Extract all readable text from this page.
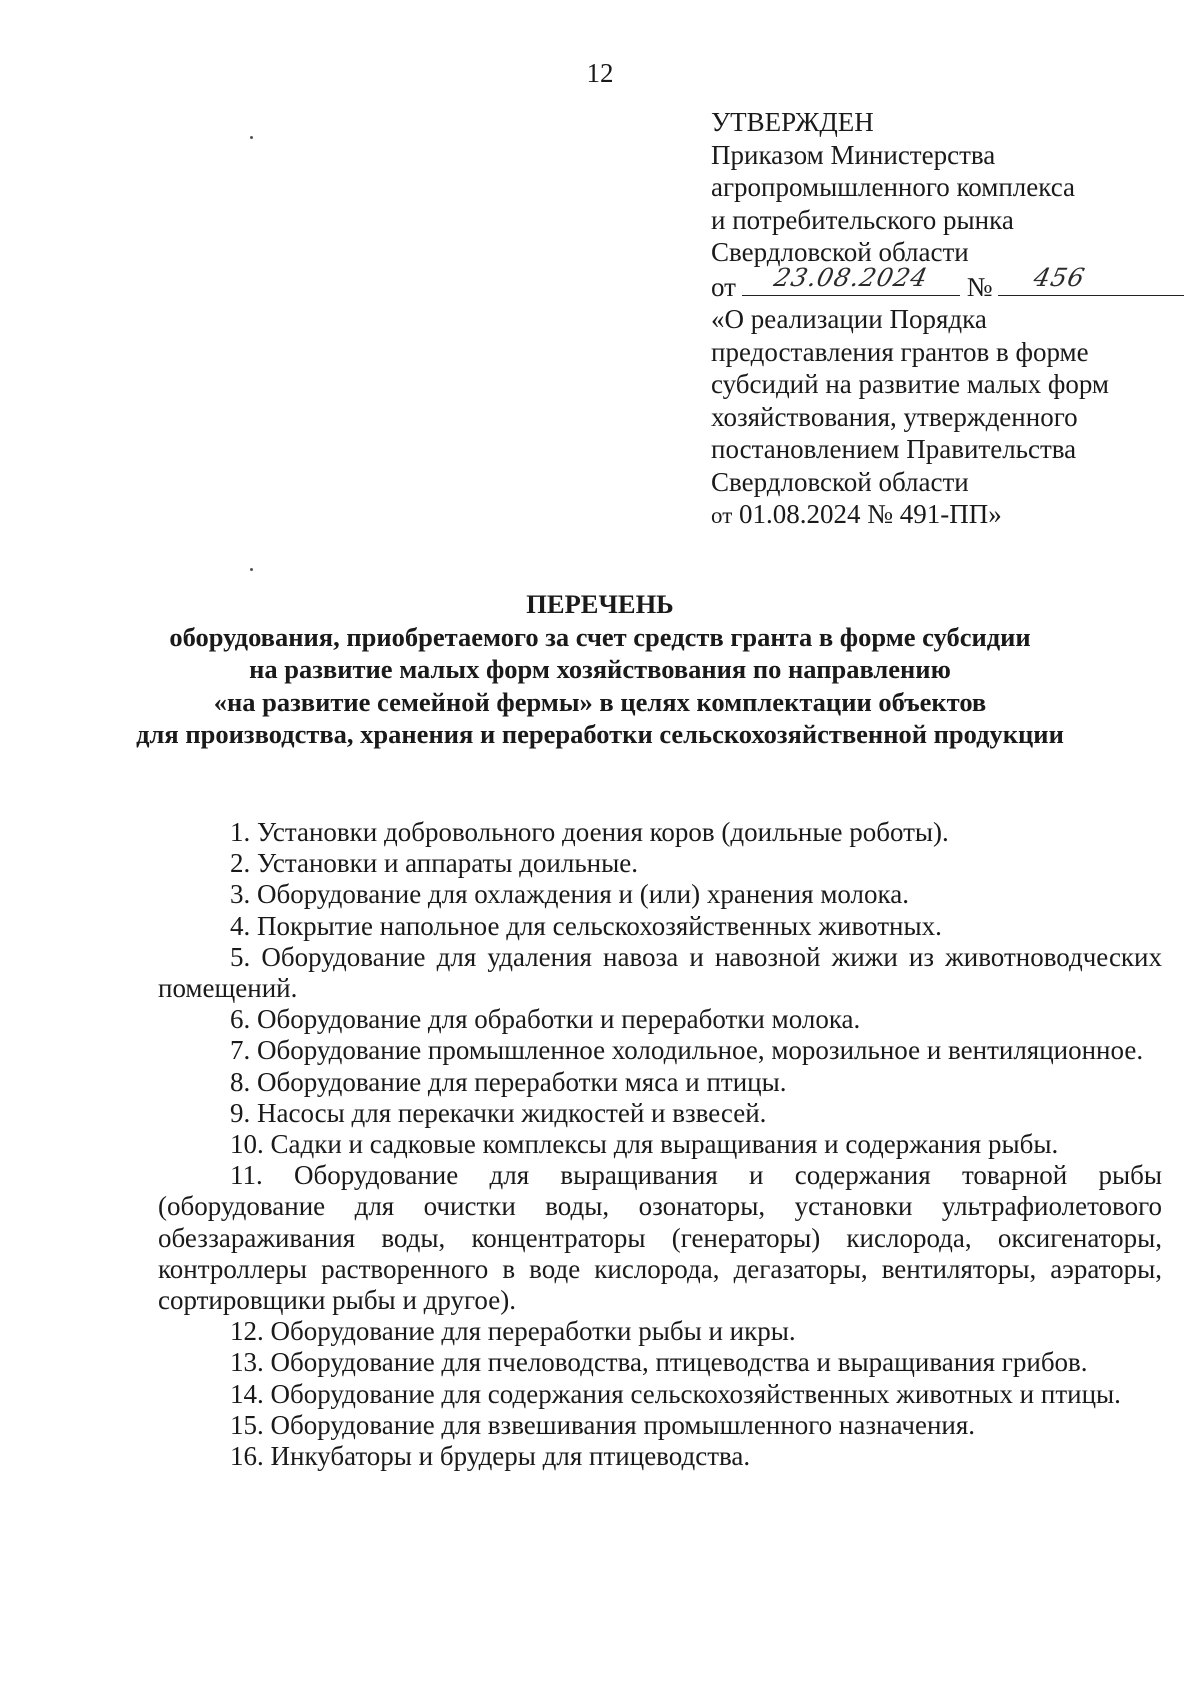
12
УТВЕРЖДЕН
Приказом Министерства
агропромышленного комплекса
и потребительского рынка
Свердловской области
от	23.08.2024	№	456
«О реализации Порядка
предоставления грантов в форме
субсидий на развитие малых форм
хозяйствования, утвержденного
постановлением Правительства
Свердловской области
от 01.08.2024 № 491-ПП»
ПЕРЕЧЕНЬ
оборудования, приобретаемого за счет средств гранта в форме субсидии
на развитие малых форм хозяйствования по направлению
«на развитие семейной фермы» в целях комплектации объектов
для производства, хранения и переработки сельскохозяйственной продукции

1. Установки добровольного доения коров (доильные роботы).

2. Установки и аппараты доильные.

3. Оборудование для охлаждения и (или) хранения молока.

4. Покрытие напольное для сельскохозяйственных животных.

5. Оборудование для удаления навоза и навозной жижи из животноводческих помещений.

6. Оборудование для обработки и переработки молока.

7. Оборудование промышленное холодильное, морозильное и вентиляционное.

8. Оборудование для переработки мяса и птицы.

9. Насосы для перекачки жидкостей и взвесей.

10. Садки и садковые комплексы для выращивания и содержания рыбы.

11. Оборудование для выращивания и содержания товарной рыбы (оборудование для очистки воды, озонаторы, установки ультрафиолетового обеззараживания воды, концентраторы (генераторы) кислорода, оксигенаторы, контроллеры растворенного в воде кислорода, дегазаторы, вентиляторы, аэраторы, сортировщики рыбы и другое).

12. Оборудование для переработки рыбы и икры.

13. Оборудование для пчеловодства, птицеводства и выращивания грибов.

14. Оборудование для содержания сельскохозяйственных животных и птицы.

15. Оборудование для взвешивания промышленного назначения.

16. Инкубаторы и брудеры для птицеводства.
